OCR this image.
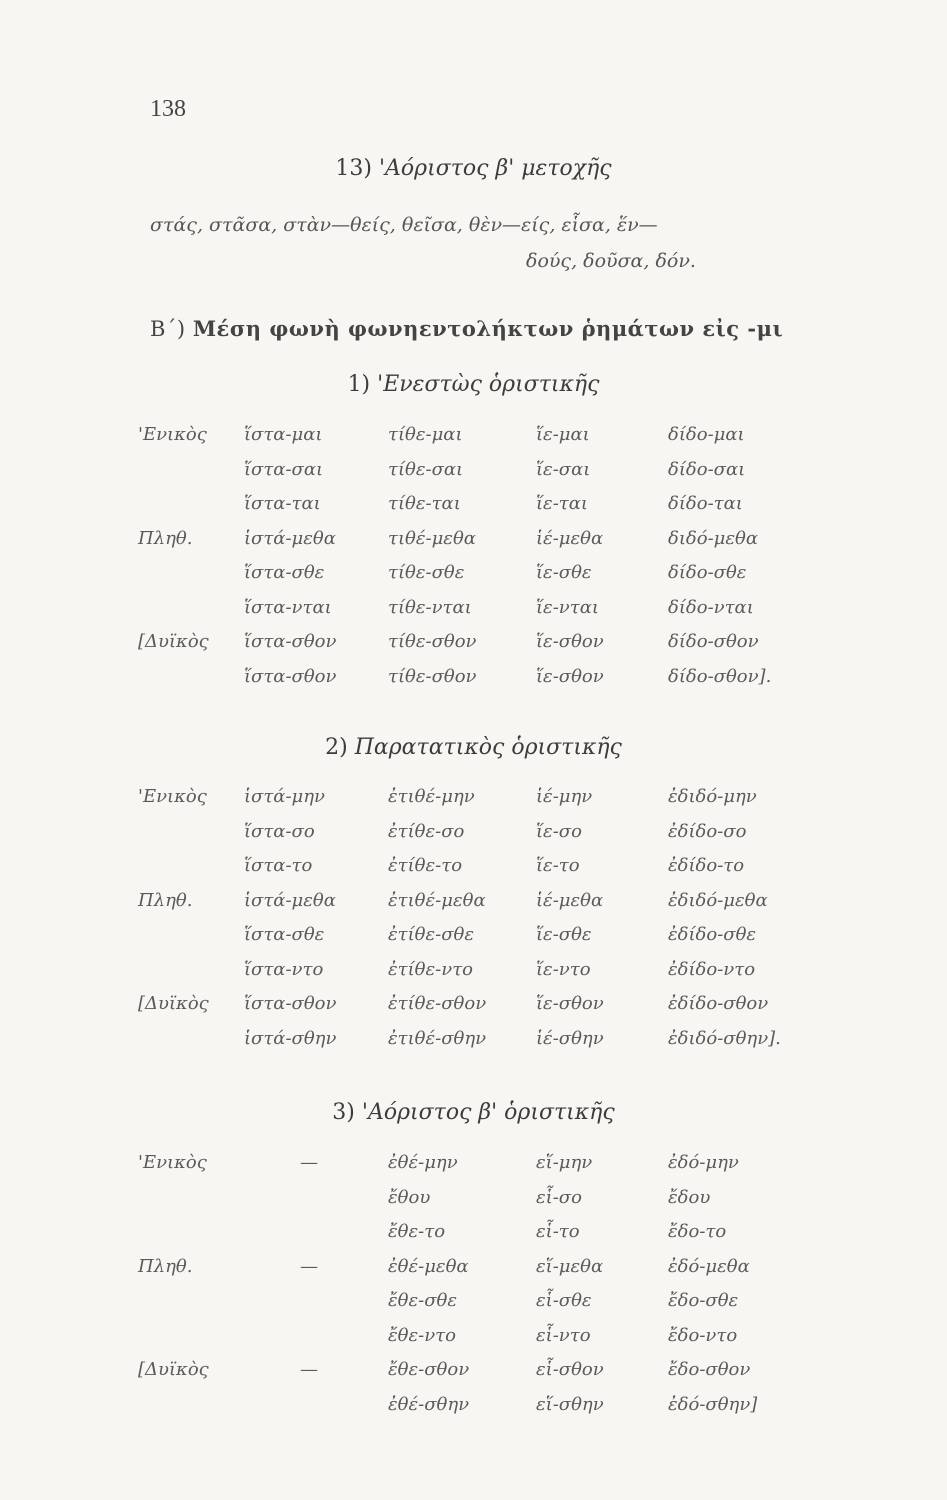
138
13) 'Αόριστος β' μετοχῆς
στάς, στᾶσα, στὰν—θείς, θεῖσα, θὲν—είς, εἷσα, ἕν—
δούς, δοῦσα, δόν.
Β΄) Μέση φωνὴ φωνηεντολήκτων ῥημάτων εἰς -μι
1) 'Ενεστὼς ὁριστικῆς
'Ενικὸς ἵστα-μαι	τίθε-μαι	ἵε-μαι	δίδο-μαι
ἵστα-σαι	τίθε-σαι	ἵε-σαι	δίδο-σαι
ἵστα-ται	τίθε-ται	ἵε-ται	δίδο-ται
Πληθ.	ἱστά-μεθα	τιθέ-μεθα	ἱέ-μεθα	διδό-μεθα
ἵστα-σθε	τίθε-σθε	ἵε-σθε	δίδο-σθε
ἵστα-νται	τίθε-νται	ἵε-νται	δίδο-νται
[Δυϊκὸς ἵστα-σθον	τίθε-σθον	ἵε-σθον	δίδο-σθον
ἵστα-σθον	τίθε-σθον	ἵε-σθον	δίδο-σθον].
2) Παρατατικὸς ὁριστικῆς
'Ενικὸς ἱστά-μην	ἐτιθέ-μην	ἱέ-μην	ἐδιδό-μην
ἵστα-σο	ἐτίθε-σο	ἵε-σο	ἐδίδο-σο
ἵστα-το	ἐτίθε-το	ἵε-το	ἐδίδο-το
Πληθ.	ἱστά-μεθα	ἐτιθέ-μεθα	ἱέ-μεθα	ἐδιδό-μεθα
ἵστα-σθε	ἐτίθε-σθε	ἵε-σθε	ἐδίδο-σθε
ἵστα-ντο	ἐτίθε-ντο	ἵε-ντο	ἐδίδο-ντο
[Δυϊκὸς ἵστα-σθον	ἐτίθε-σθον	ἵε-σθον	ἐδίδο-σθον
ἱστά-σθην	ἐτιθέ-σθην	ἱέ-σθην	ἐδιδό-σθην].
3) 'Αόριστος β' ὁριστικῆς
'Ενικὸς	—	ἐθέ-μην	εἵ-μην	ἐδό-μην
ἔθου	εἷ-σο	ἔδου
ἔθε-το	εἷ-το	ἔδο-το
Πληθ.	—	ἐθέ-μεθα	εἵ-μεθα	ἐδό-μεθα
ἔθε-σθε	εἷ-σθε	ἔδο-σθε
ἔθε-ντο	εἷ-ντο	ἔδο-ντο
[Δυϊκὸς	—	ἔθε-σθον	εἷ-σθον	ἔδο-σθον
ἐθέ-σθην	εἵ-σθην	ἐδό-σθην]
